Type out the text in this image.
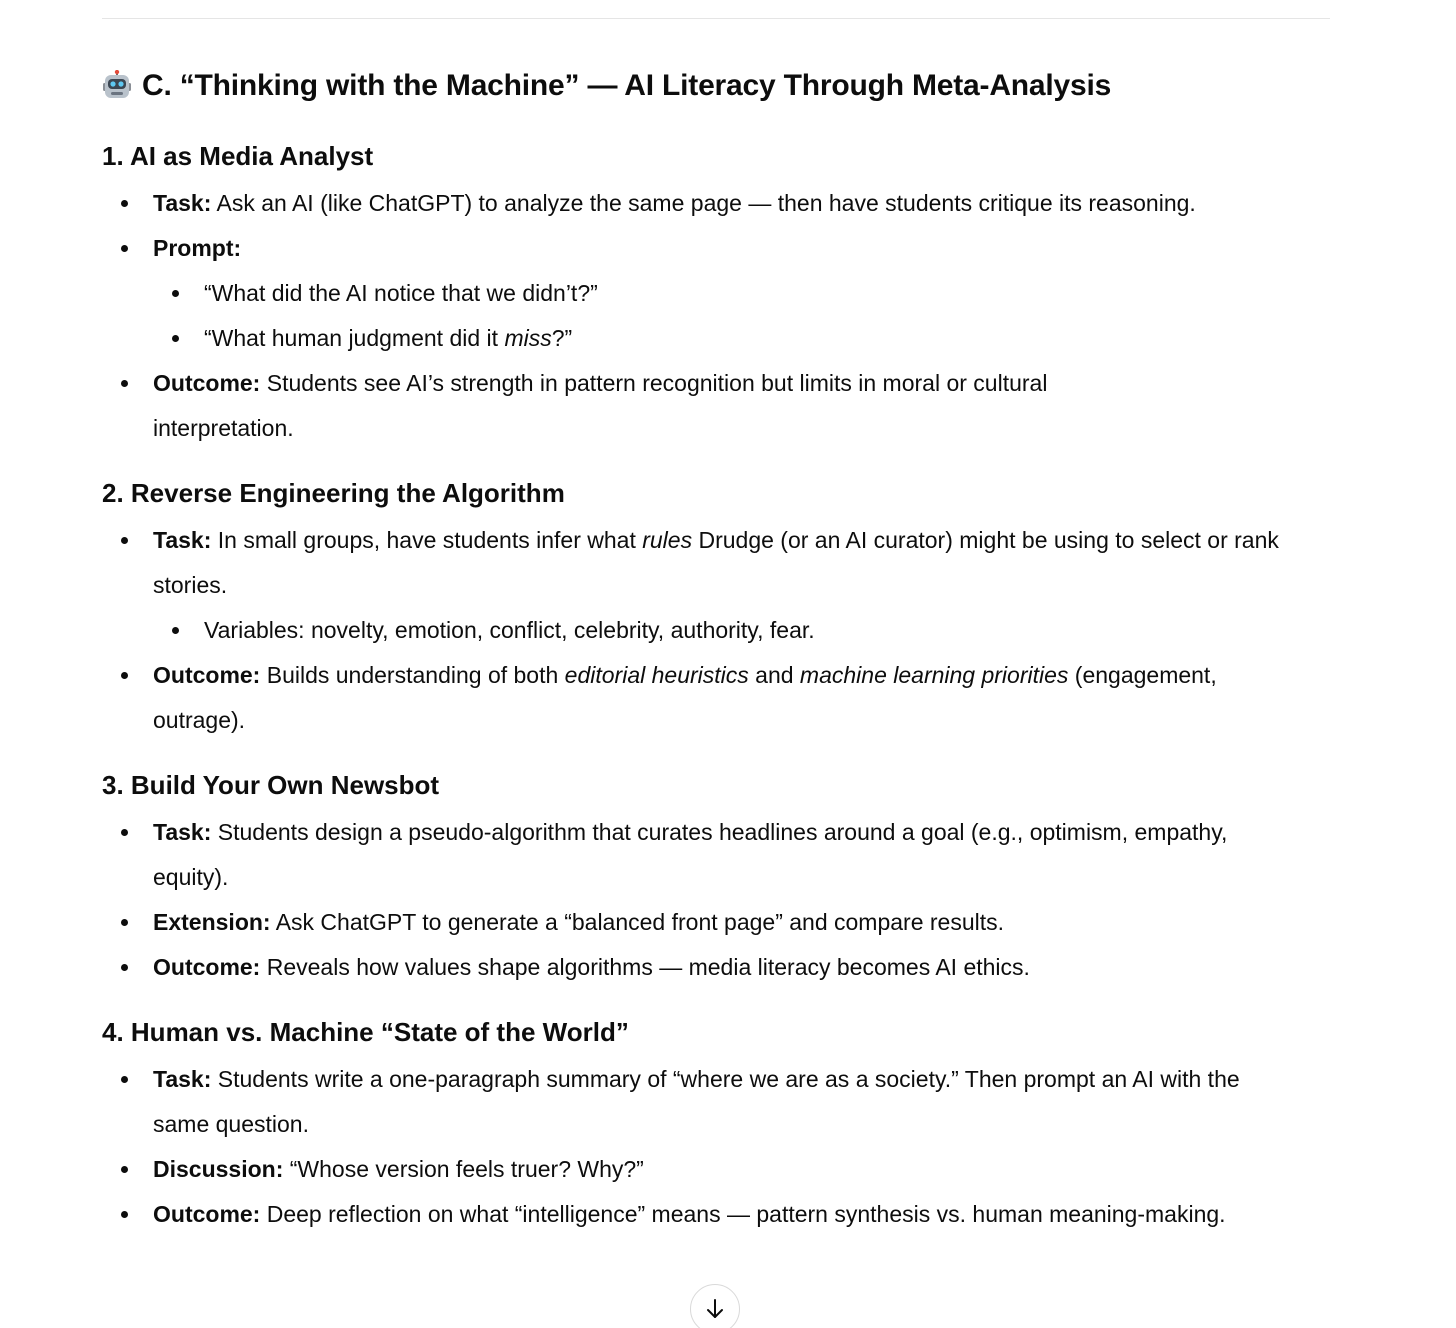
C. “Thinking with the Machine” — AI Literacy Through Meta-Analysis
1. AI as Media Analyst
Task: Ask an AI (like ChatGPT) to analyze the same page — then have students critique its reasoning.
Prompt:
“What did the AI notice that we didn’t?”
“What human judgment did it miss?”
Outcome: Students see AI’s strength in pattern recognition but limits in moral or cultural interpretation.
2. Reverse Engineering the Algorithm
Task: In small groups, have students infer what rules Drudge (or an AI curator) might be using to select or rank stories.
Variables: novelty, emotion, conflict, celebrity, authority, fear.
Outcome: Builds understanding of both editorial heuristics and machine learning priorities (engagement, outrage).
3. Build Your Own Newsbot
Task: Students design a pseudo-algorithm that curates headlines around a goal (e.g., optimism, empathy, equity).
Extension: Ask ChatGPT to generate a “balanced front page” and compare results.
Outcome: Reveals how values shape algorithms — media literacy becomes AI ethics.
4. Human vs. Machine “State of the World”
Task: Students write a one-paragraph summary of “where we are as a society.” Then prompt an AI with the same question.
Discussion: “Whose version feels truer? Why?”
Outcome: Deep reflection on what “intelligence” means — pattern synthesis vs. human meaning-making.
